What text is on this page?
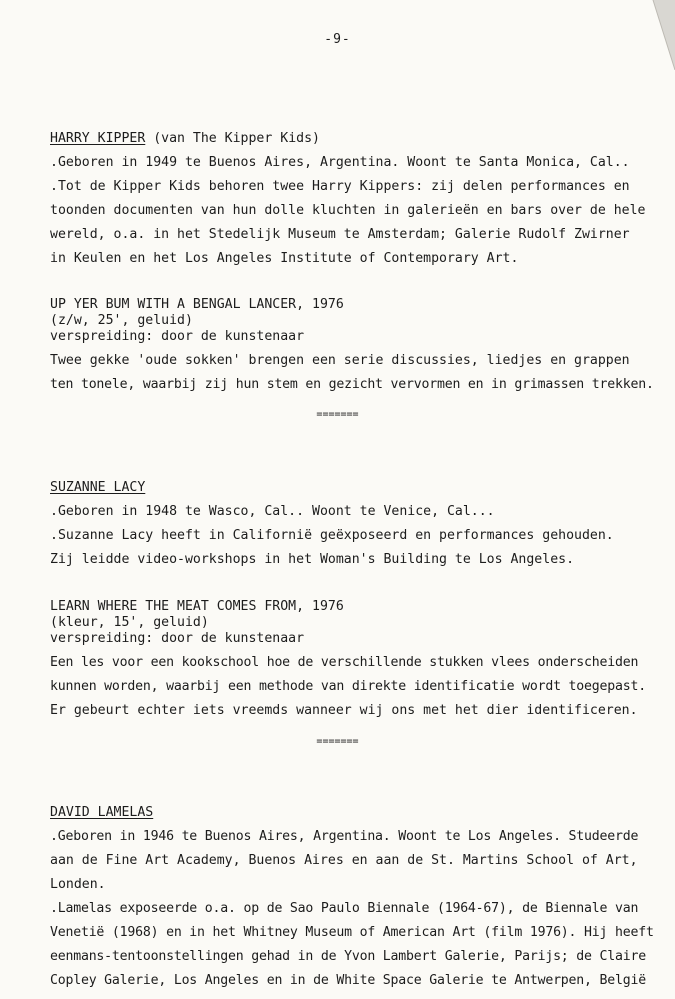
-9-
HARRY KIPPER (van The Kipper Kids)
.Geboren in 1949 te Buenos Aires, Argentina. Woont te Santa Monica, Cal..
.Tot de Kipper Kids behoren twee Harry Kippers: zij delen performances en
toonden documenten van hun dolle kluchten in galerieën en bars over de hele
wereld, o.a. in het Stedelijk Museum te Amsterdam; Galerie Rudolf Zwirner
in Keulen en het Los Angeles Institute of Contemporary Art.
UP YER BUM WITH A BENGAL LANCER, 1976
(z/w, 25', geluid)
verspreiding: door de kunstenaar
Twee gekke 'oude sokken' brengen een serie discussies, liedjes en grappen
ten tonele, waarbij zij hun stem en gezicht vervormen en in grimassen trekken.
=======
SUZANNE LACY
.Geboren in 1948 te Wasco, Cal.. Woont te Venice, Cal...
.Suzanne Lacy heeft in Californië geëxposeerd en performances gehouden.
Zij leidde video-workshops in het Woman's Building te Los Angeles.
LEARN WHERE THE MEAT COMES FROM, 1976
(kleur, 15', geluid)
verspreiding: door de kunstenaar
Een les voor een kookschool hoe de verschillende stukken vlees onderscheiden
kunnen worden, waarbij een methode van direkte identificatie wordt toegepast.
Er gebeurt echter iets vreemds wanneer wij ons met het dier identificeren.
=======
DAVID LAMELAS
.Geboren in 1946 te Buenos Aires, Argentina. Woont te Los Angeles. Studeerde
aan de Fine Art Academy, Buenos Aires en aan de St. Martins School of Art,
Londen.
.Lamelas exposeerde o.a. op de Sao Paulo Biennale (1964-67), de Biennale van
Venetië (1968) en in het Whitney Museum of American Art (film 1976). Hij heeft
eenmans-tentoonstellingen gehad in de Yvon Lambert Galerie, Parijs; de Claire
Copley Galerie, Los Angeles en in de White Space Galerie te Antwerpen, België
